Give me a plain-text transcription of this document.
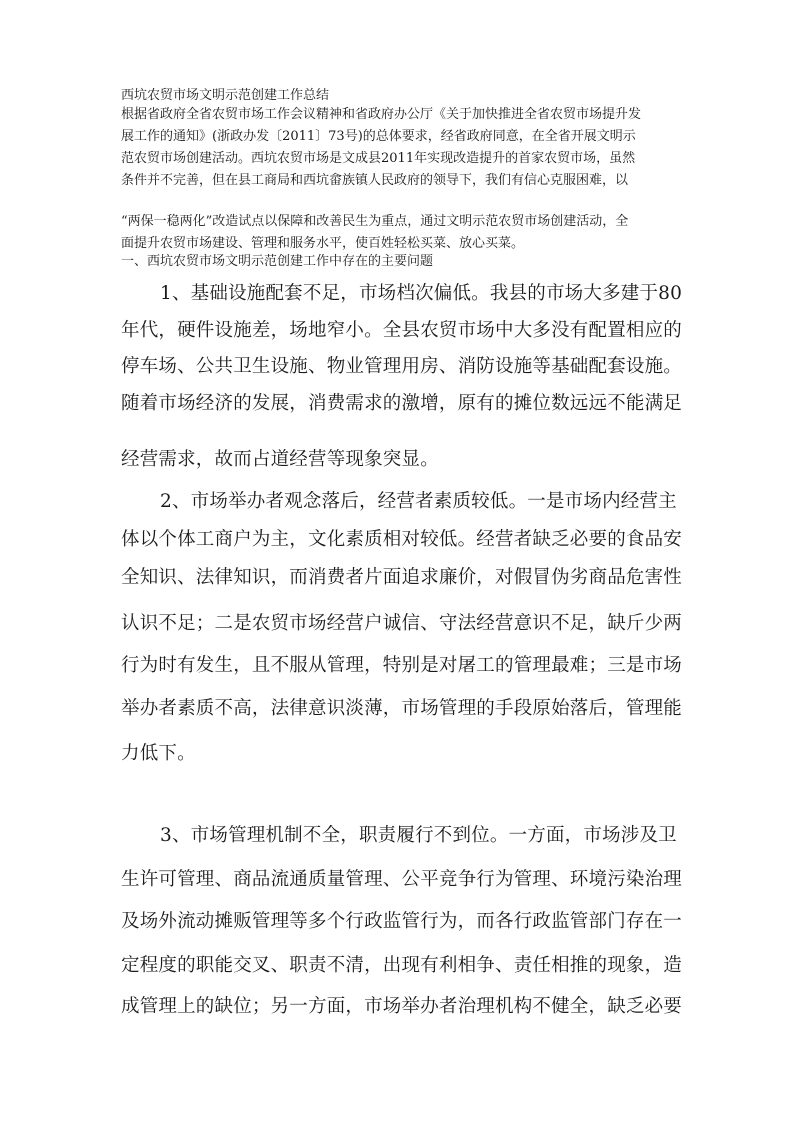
西坑农贸市场文明示范创建工作总结
根据省政府全省农贸市场工作会议精神和省政府办公厅《关于加快推进全省农贸市场提升发
展工作的通知》(浙政办发〔2011〕73号)的总体要求，经省政府同意，在全省开展文明示
范农贸市场创建活动。西坑农贸市场是文成县2011年实现改造提升的首家农贸市场，虽然
条件并不完善，但在县工商局和西坑畲族镇人民政府的领导下，我们有信心克服困难，以
“两保一稳两化”改造试点以保障和改善民生为重点，通过文明示范农贸市场创建活动，全
面提升农贸市场建设、管理和服务水平，使百姓轻松买菜、放心买菜。
一、西坑农贸市场文明示范创建工作中存在的主要问题
1、基础设施配套不足，市场档次偏低。我县的市场大多建于80
年代，硬件设施差，场地窄小。全县农贸市场中大多没有配置相应的
停车场、公共卫生设施、物业管理用房、消防设施等基础配套设施。
随着市场经济的发展，消费需求的激增，原有的摊位数远远不能满足
经营需求，故而占道经营等现象突显。
2、市场举办者观念落后，经营者素质较低。一是市场内经营主
体以个体工商户为主，文化素质相对较低。经营者缺乏必要的食品安
全知识、法律知识，而消费者片面追求廉价，对假冒伪劣商品危害性
认识不足；二是农贸市场经营户诚信、守法经营意识不足，缺斤少两
行为时有发生，且不服从管理，特别是对屠工的管理最难；三是市场
举办者素质不高，法律意识淡薄，市场管理的手段原始落后，管理能
力低下。
3、市场管理机制不全，职责履行不到位。一方面，市场涉及卫
生许可管理、商品流通质量管理、公平竞争行为管理、环境污染治理
及场外流动摊贩管理等多个行政监管行为，而各行政监管部门存在一
定程度的职能交叉、职责不清，出现有利相争、责任相推的现象，造
成管理上的缺位；另一方面，市场举办者治理机构不健全，缺乏必要
